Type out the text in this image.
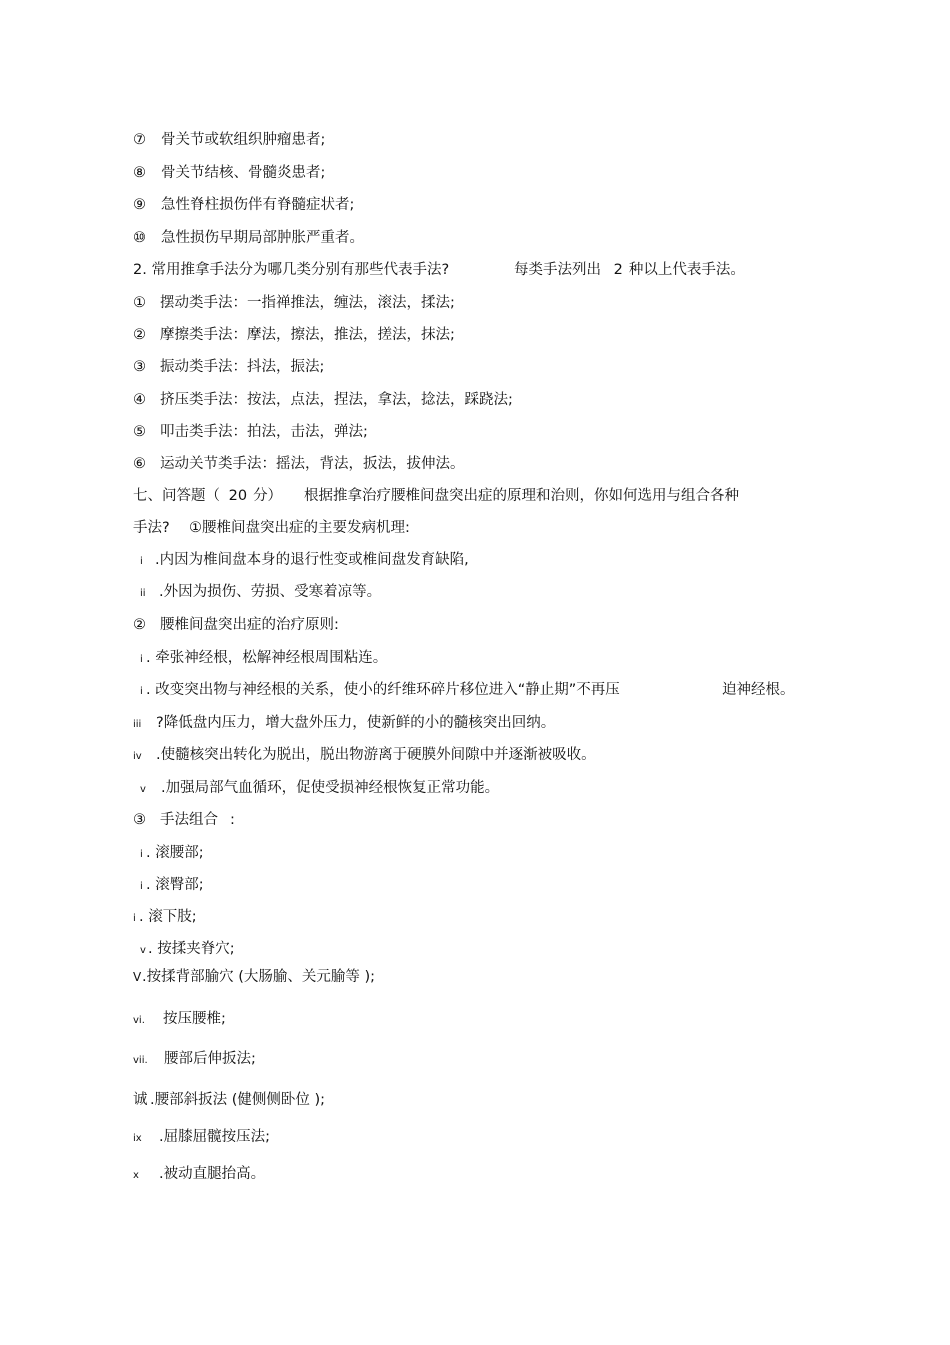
⑦ 骨关节或软组织肿瘤患者;
⑧ 骨关节结核、骨髓炎患者;
⑨ 急性脊柱损伤伴有脊髓症状者;
⑩ 急性损伤早期局部肿胀严重者。
2. 常用推拿手法分为哪几类分别有那些代表手法?	每类手法列出 2 种以上代表手法。
① 摆动类手法：一指禅推法，缠法，滚法，揉法;
② 摩擦类手法：摩法，擦法，推法，搓法，抹法;
③ 振动类手法：抖法，振法;
④ 挤压类手法：按法，点法，捏法，拿法，捻法，踩跷法;
⑤ 叩击类手法：拍法，击法，弹法;
⑥ 运动关节类手法：摇法，背法，扳法，拔伸法。
七、问答题（ 20 分） 根据推拿治疗腰椎间盘突出症的原理和治则，你如何选用与组合各种
手法? ①腰椎间盘突出症的主要发病机理:
i .内因为椎间盘本身的退行性变或椎间盘发育缺陷,
ii .外因为损伤、劳损、受寒着凉等。
② 腰椎间盘突出症的治疗原则:
i . 牵张神经根，松解神经根周围粘连。
i . 改变突出物与神经根的关系，使小的纤维环碎片移位进入“静止期”不再压	迫神经根。
iii ?降低盘内压力，增大盘外压力，使新鲜的小的髓核突出回纳。
iv .使髓核突出转化为脱出，脱出物游离于硬膜外间隙中并逐渐被吸收。
v .加强局部气血循环，促使受损神经根恢复正常功能。
③ 手法组合 :
i . 滚腰部;
i . 滚臀部;
i . 滚下肢;
v . 按揉夹脊穴;
V.按揉背部腧穴 (大肠腧、关元腧等 );
vi. 按压腰椎;
vii. 腰部后伸扳法;
诚 .腰部斜扳法 (健侧侧卧位 );
ix .屈膝屈髋按压法;
x .被动直腿抬高。
